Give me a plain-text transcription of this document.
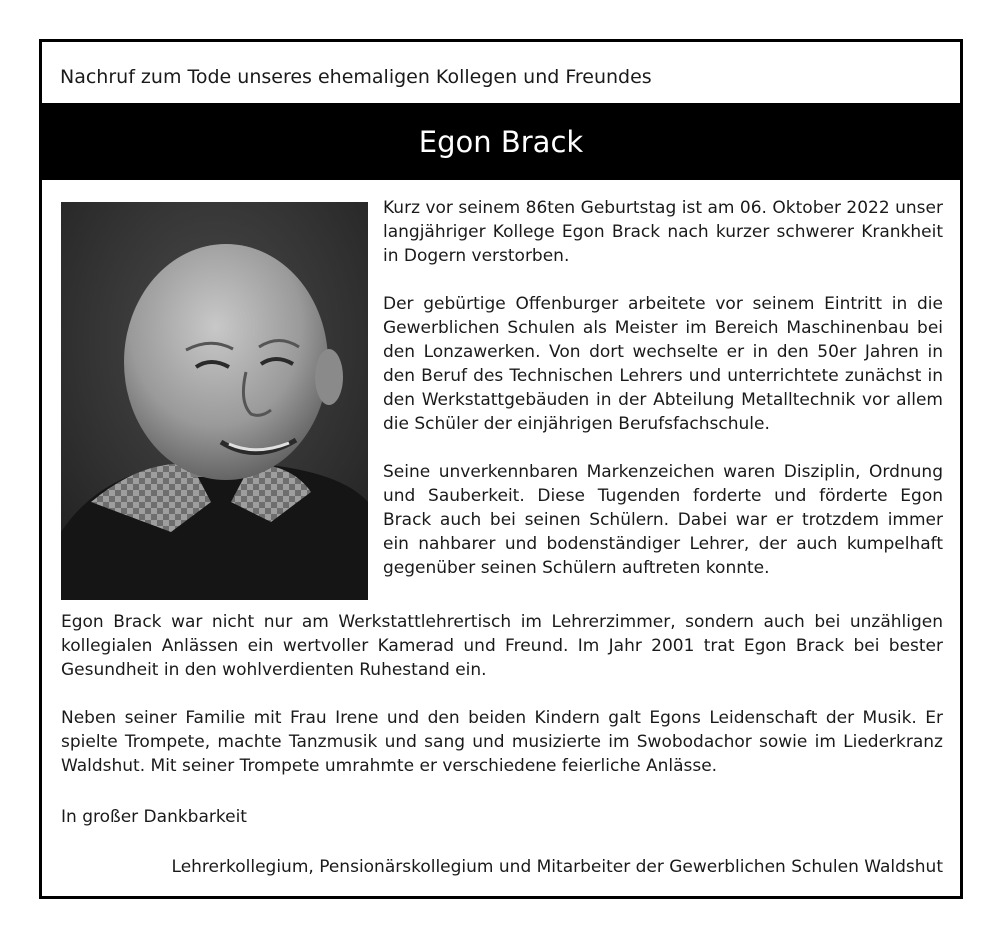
Nachruf zum Tode unseres ehemaligen Kollegen und Freundes
Egon Brack

Kurz vor seinem 86ten Geburtstag ist am 06. Oktober 2022 unser langjähriger Kollege Egon Brack nach kurzer schwerer Krankheit in Dogern verstorben.

Der gebürtige Offenburger arbeitete vor seinem Eintritt in die Gewerblichen Schulen als Meister im Bereich Maschinenbau bei den Lonzawerken. Von dort wechselte er in den 50er Jahren in den Beruf des Technischen Lehrers und unterrichtete zunächst in den Werkstattgebäuden in der Abteilung Metalltechnik vor allem die Schüler der einjährigen Berufsfachschule.

Seine unverkennbaren Markenzeichen waren Disziplin, Ordnung und Sauberkeit. Diese Tugenden forderte und förderte Egon Brack auch bei seinen Schülern. Dabei war er trotzdem immer ein nahbarer und bodenständiger Lehrer, der auch kumpelhaft gegenüber seinen Schülern auftreten konnte.

Egon Brack war nicht nur am Werkstattlehrertisch im Lehrerzimmer, sondern auch bei unzähligen kollegialen Anlässen ein wertvoller Kamerad und Freund. Im Jahr 2001 trat Egon Brack bei bester Gesundheit in den wohlverdienten Ruhestand ein.

Neben seiner Familie mit Frau Irene und den beiden Kindern galt Egons Leidenschaft der Musik. Er spielte Trompete, machte Tanzmusik und sang und musizierte im Swobodachor sowie im Liederkranz Waldshut. Mit seiner Trompete umrahmte er verschiedene feierliche Anlässe.

In großer Dankbarkeit
Lehrerkollegium, Pensionärskollegium und Mitarbeiter der Gewerblichen Schulen Waldshut
